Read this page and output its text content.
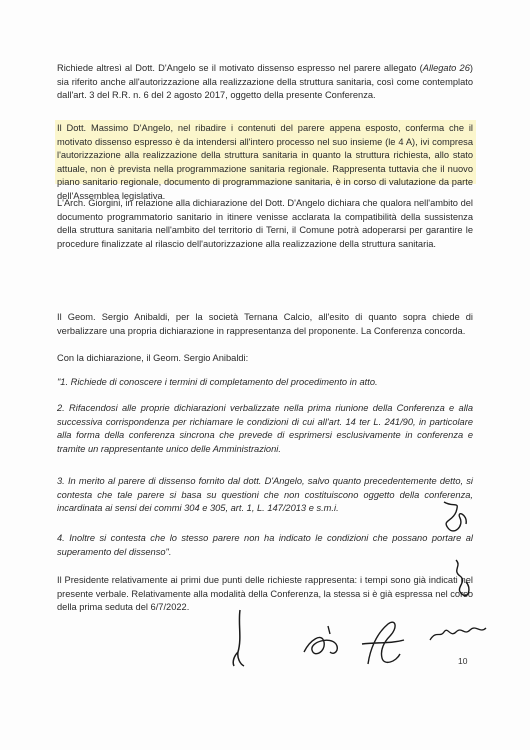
Richiede altresì al Dott. D'Angelo se il motivato dissenso espresso nel parere allegato (Allegato 26) sia riferito anche all'autorizzazione alla realizzazione della struttura sanitaria, così come contemplato dall'art. 3 del R.R. n. 6 del 2 agosto 2017, oggetto della presente Conferenza.

Il Dott. Massimo D'Angelo, nel ribadire i contenuti del parere appena esposto, conferma che il motivato dissenso espresso è da intendersi all'intero processo nel suo insieme (le 4 A), ivi compresa l'autorizzazione alla realizzazione della struttura sanitaria in quanto la struttura richiesta, allo stato attuale, non è prevista nella programmazione sanitaria regionale. Rappresenta tuttavia che il nuovo piano sanitario regionale, documento di programmazione sanitaria, è in corso di valutazione da parte dell'Assemblea legislativa.

L'Arch. Giorgini, in relazione alla dichiarazione del Dott. D'Angelo dichiara che qualora nell'ambito del documento programmatorio sanitario in itinere venisse acclarata la compatibilità della sussistenza della struttura sanitaria nell'ambito del territorio di Terni, il Comune potrà adoperarsi per garantire le procedure finalizzate al rilascio dell'autorizzazione alla realizzazione della struttura sanitaria.

Il Geom. Sergio Anibaldi, per la società Ternana Calcio, all'esito di quanto sopra chiede di verbalizzare una propria dichiarazione in rappresentanza del proponente. La Conferenza concorda.

Con la dichiarazione, il Geom. Sergio Anibaldi:

"1. Richiede di conoscere i termini di completamento del procedimento in atto.

2. Rifacendosi alle proprie dichiarazioni verbalizzate nella prima riunione della Conferenza e alla successiva corrispondenza per richiamare le condizioni di cui all'art. 14 ter L. 241/90, in particolare alla forma della conferenza sincrona che prevede di esprimersi esclusivamente in conferenza e tramite un rappresentante unico delle Amministrazioni.

3. In merito al parere di dissenso fornito dal dott. D'Angelo, salvo quanto precedentemente detto, si contesta che tale parere si basa su questioni che non costituiscono oggetto della conferenza, incardinata ai sensi dei commi 304 e 305, art. 1, L. 147/2013 e s.m.i.

4. Inoltre si contesta che lo stesso parere non ha indicato le condizioni che possano portare al superamento del dissenso".

Il Presidente relativamente ai primi due punti delle richieste rappresenta: i tempi sono già indicati nel presente verbale. Relativamente alla modalità della Conferenza, la stessa si è già espressa nel corso della prima seduta del 6/7/2022.

10
